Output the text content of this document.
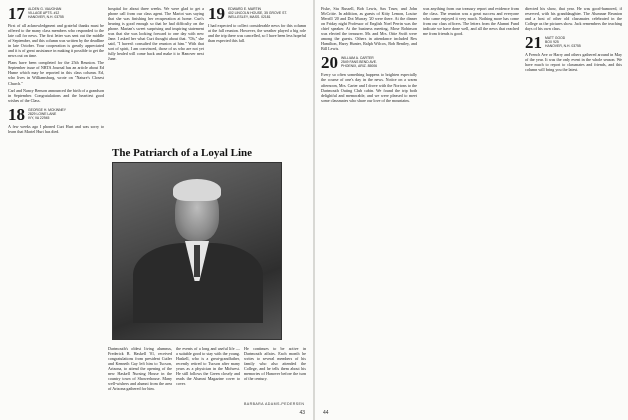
17 ALDEN G. VAUGHAN
VILLAGE APTS. #12
HANOVER, N.H. 03755

First of all acknowledgment and grateful thanks must be offered to the many class members who responded to the late call for news. The first letter was sent out the middle of September, and this column was written by the deadline in late October. Your cooperation is greatly appreciated and it is of great assistance in making it possible to get the news out on time.

Plans have been completed for the 25th Reunion. The September issue of NRTA Journal has an article about Ed Hume which may be reported in this class column. Ed, who lives in Williamsburg, wrote on "Nature's Closest Church."

Carl and Nancy Benson announced the birth of a grandson in September. Congratulations and the heartiest good wishes of the Class.

18 GEORGE H. MCKINNEY
2829 LOWE LANE
IVY, VA 22945

A few weeks ago I phoned Curt Hurt and was sorry to learn that Mariel Hurt has died.

hospital for about three weeks. We were glad to get a phone call from our class agent. The Mariot was saying that she was finishing her recuperation at home. Curt's hearing is good enough so that he had difficulty on the phone. Marian's sweet surprising and inspiring statement was that she was looking forward to one day with new Jane. I asked her what Curt thought about that. "Oh," she said, "I haven't consulted the reunion at him." With that sort of spirit, I am convinced, those of us who are not yet fully healed will come back and make it to Hanover next June.

19 EDWARD E. MARTIN
402 LINCOLN HOUSE, 35 GROVE ST.
WELLESLEY, MASS. 02181

I had expected to collect considerable news for this column at the fall reunion. However, the weather played a big role and the trip there was cancelled, so I have been less hopeful than expected this fall.

The Patriarch of a Loyal Line

Dartmouth's oldest living alumnus, Frederick B. Haskell '01, received congratulations from president Cutler and Kenneth Gay left him to Tucson, Arizona, to attend the opening of the new Haskell Nursing House in the country town of Showerhouse. Many well-wishers and alumni from the area of Arizona gathered for him.

the events of a long and useful life — a suitable good to stay with the young. Haskell, who is a great-grandfather, recently retired to Tucson after many years as a physician in the Midwest. He still follows the Green closely and reads the Alumni Magazine cover to cover.

He continues to be active in Dartmouth affairs. Each month he writes to several members of his family who also attended the College, and he tells them about his memories of Hanover before the turn of the century.

BARBARA ADAMS-PEDERSEN
43

Fiske, Stu Russell, Bob Lewis, Sax Truer, and John McCritie. In addition, as guests of Kitty Lemon, Louise Merrill '20 and Dot Murray '20 were there. At the dinner on Friday night Professor of English Noel Perrin was the chief speaker. At the business meeting, Mose Robinson was elected the treasurer. Mr. and Mrs. Ottie Swift were among the guests. Others in attendance included Rex Hamilton, Harry Hunter, Ralph Wilcox, Bob Bentley, and Bill Lewis.

20 WILLIAM A. CARTER
2549 FANS BEND AVE.
PHOENIX, ARIZ. 85006

Every so often something happens to brighten especially the course of one's day in the news. Notice on a warm afternoon, Mrs. Carter and I drove with the Nortons to the Dartmouth Outing Club cabin. We found the trip both delightful and memorable, and we were pleased to meet some classmates who share our love of the mountains.

was anything from our treasury report and evidence from the class. The reunion was a great success and everyone who came enjoyed it very much. Nothing more has come from our class officers. The letters from the Alumni Fund indicate we have done well, and all the news that reached me from friends is good.

directed his show, that year. He was good-humored, if reserved, with his granddaughter. The Alumnae Reunion and a host of other old classmates celebrated in the College as the pictures show. Jack remembers the teaching days of his own class.

21 MATT GOOD
BOX 925
HANOVER, N.H. 03755

A French Ave or Harry and others gathered around in May of the year. It was the only event in the whole season. We have much to report to classmates and friends, and this column will bring you the latest.

44
